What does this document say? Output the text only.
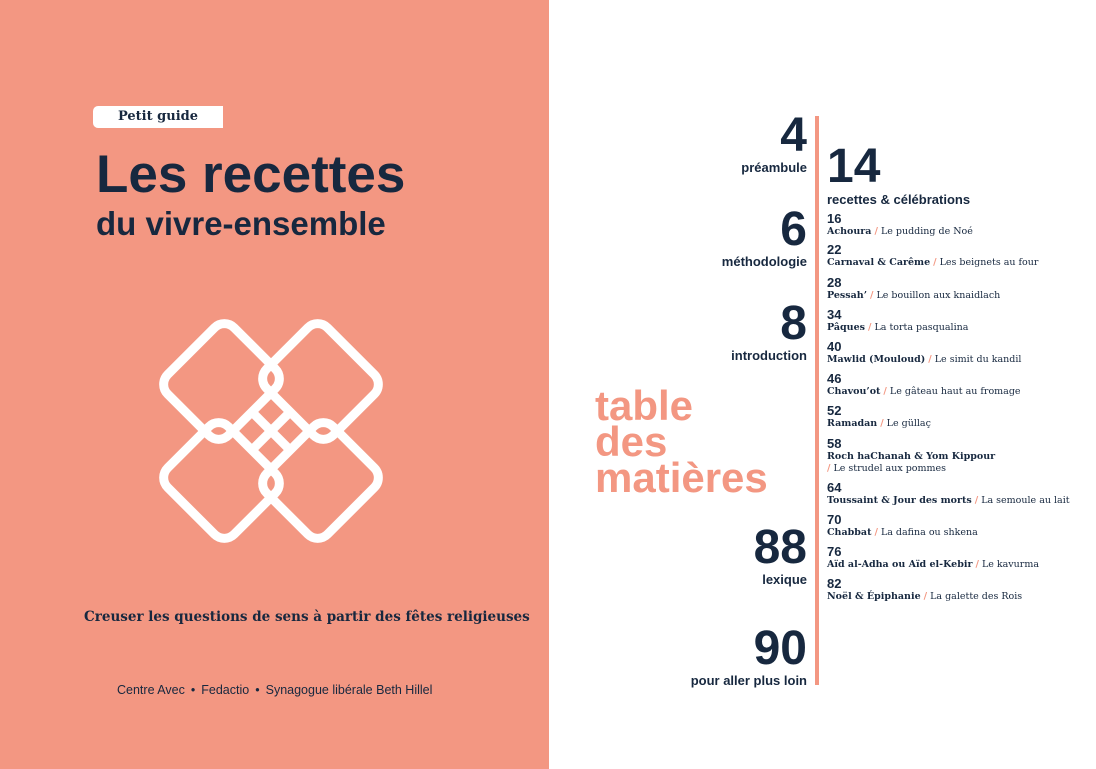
Petit guide
Les recettes
du vivre-ensemble
Creuser les questions de sens à partir des fêtes religieuses
Centre Avec • Fedactio • Synagogue libérale Beth Hillel
4
préambule
6
méthodologie
8
introduction
table
des
matières
88
lexique
90
pour aller plus loin
14
recettes & célébrations
16
Achoura / Le pudding de Noé
22
Carnaval & Carême / Les beignets au four
28
Pessah’ / Le bouillon aux knaidlach
34
Pâques / La torta pasqualina
40
Mawlid (Mouloud) / Le simit du kandil
46
Chavou’ot / Le gâteau haut au fromage
52
Ramadan / Le güllaç
58
Roch haChanah & Yom Kippour
/ Le strudel aux pommes
64
Toussaint & Jour des morts / La semoule au lait
70
Chabbat / La dafina ou shkena
76
Aïd al-Adha ou Aïd el-Kebir / Le kavurma
82
Noël & Épiphanie / La galette des Rois
